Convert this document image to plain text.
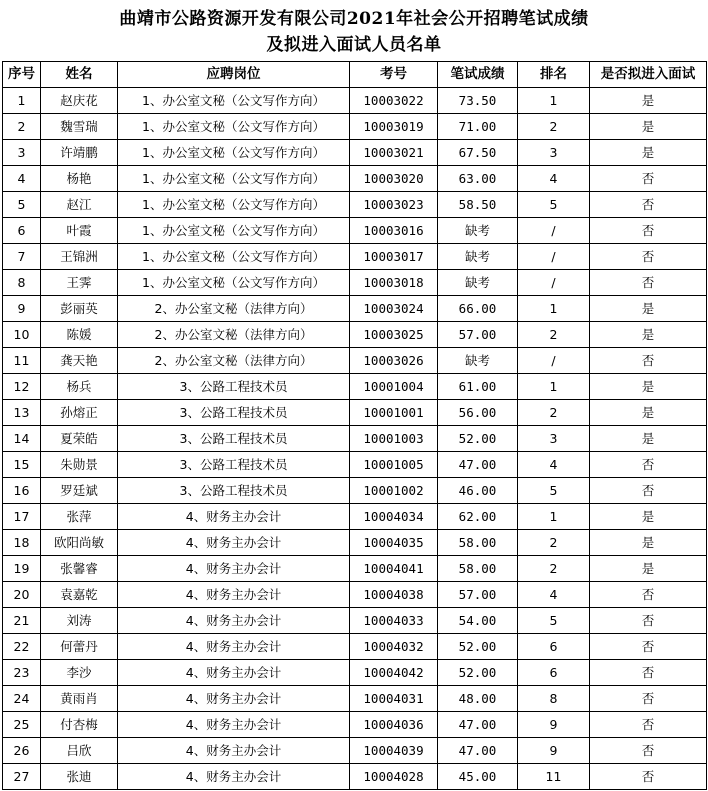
曲靖市公路资源开发有限公司2021年社会公开招聘笔试成绩
及拟进入面试人员名单
序号	姓名	应聘岗位	考号	笔试成绩	排名	是否拟进入面试
1	赵庆花	1、办公室文秘（公文写作方向）	10003022	73.50	1	是
2	魏雪瑞	1、办公室文秘（公文写作方向）	10003019	71.00	2	是
3	许靖鹏	1、办公室文秘（公文写作方向）	10003021	67.50	3	是
4	杨艳	1、办公室文秘（公文写作方向）	10003020	63.00	4	否
5	赵江	1、办公室文秘（公文写作方向）	10003023	58.50	5	否
6	叶霞	1、办公室文秘（公文写作方向）	10003016	缺考	/	否
7	王锦洲	1、办公室文秘（公文写作方向）	10003017	缺考	/	否
8	王霁	1、办公室文秘（公文写作方向）	10003018	缺考	/	否
9	彭丽英	2、办公室文秘（法律方向）	10003024	66.00	1	是
10	陈媛	2、办公室文秘（法律方向）	10003025	57.00	2	是
11	龚天艳	2、办公室文秘（法律方向）	10003026	缺考	/	否
12	杨兵	3、公路工程技术员	10001004	61.00	1	是
13	孙熔正	3、公路工程技术员	10001001	56.00	2	是
14	夏荣皓	3、公路工程技术员	10001003	52.00	3	是
15	朱勋景	3、公路工程技术员	10001005	47.00	4	否
16	罗廷斌	3、公路工程技术员	10001002	46.00	5	否
17	张萍	4、财务主办会计	10004034	62.00	1	是
18	欧阳尚敏	4、财务主办会计	10004035	58.00	2	是
19	张馨睿	4、财务主办会计	10004041	58.00	2	是
20	袁嘉乾	4、财务主办会计	10004038	57.00	4	否
21	刘涛	4、财务主办会计	10004033	54.00	5	否
22	何蕾丹	4、财务主办会计	10004032	52.00	6	否
23	李沙	4、财务主办会计	10004042	52.00	6	否
24	黄雨肖	4、财务主办会计	10004031	48.00	8	否
25	付杏梅	4、财务主办会计	10004036	47.00	9	否
26	吕欣	4、财务主办会计	10004039	47.00	9	否
27	张迪	4、财务主办会计	10004028	45.00	11	否
